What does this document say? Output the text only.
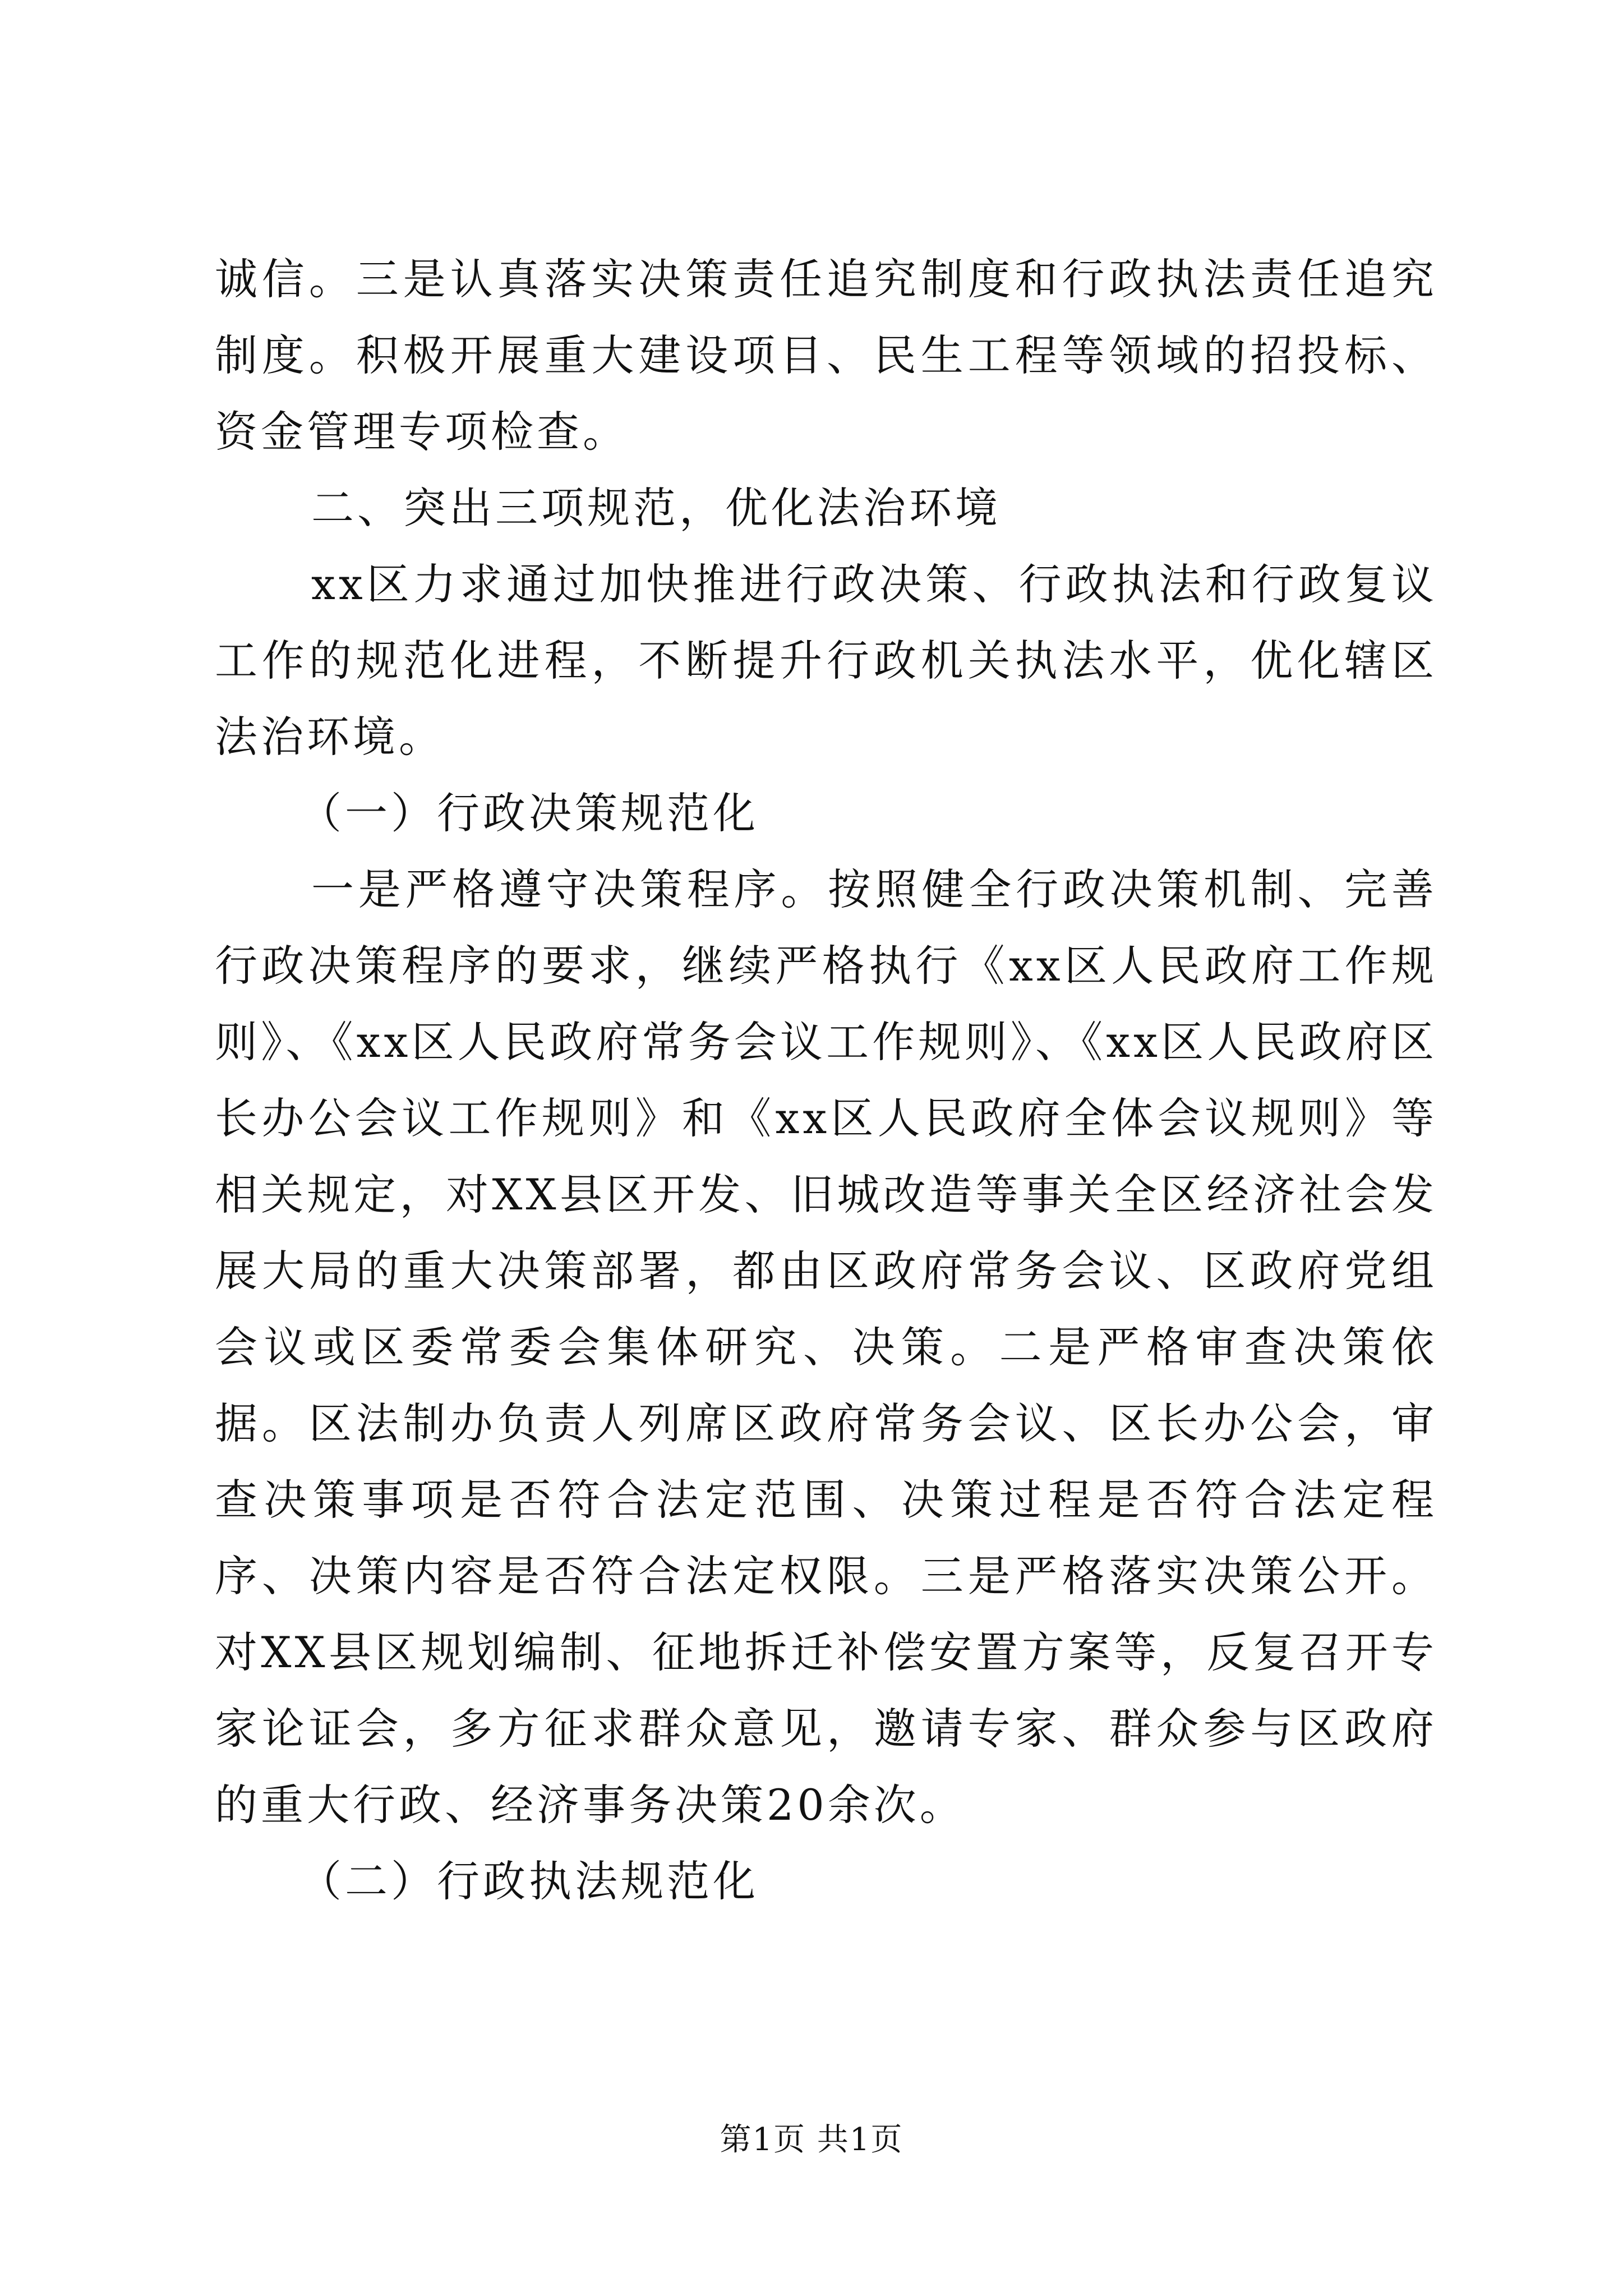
诚信。三是认真落实决策责任追究制度和行政执法责任追究制度。积极开展重大建设项目、民生工程等领域的招投标、资金管理专项检查。

二、突出三项规范，优化法治环境

xx区力求通过加快推进行政决策、行政执法和行政复议工作的规范化进程，不断提升行政机关执法水平，优化辖区法治环境。

（一）行政决策规范化

一是严格遵守决策程序。按照健全行政决策机制、完善行政决策程序的要求，继续严格执行《xx区人民政府工作规则》、《xx区人民政府常务会议工作规则》、《xx区人民政府区长办公会议工作规则》和《xx区人民政府全体会议规则》等相关规定，对XX县区开发、旧城改造等事关全区经济社会发展大局的重大决策部署，都由区政府常务会议、区政府党组会议或区委常委会集体研究、决策。二是严格审查决策依据。区法制办负责人列席区政府常务会议、区长办公会，审查决策事项是否符合法定范围、决策过程是否符合法定程序、决策内容是否符合法定权限。三是严格落实决策公开。对XX县区规划编制、征地拆迁补偿安置方案等，反复召开专家论证会，多方征求群众意见，邀请专家、群众参与区政府的重大行政、经济事务决策20余次。

（二）行政执法规范化

第1页 共1页
